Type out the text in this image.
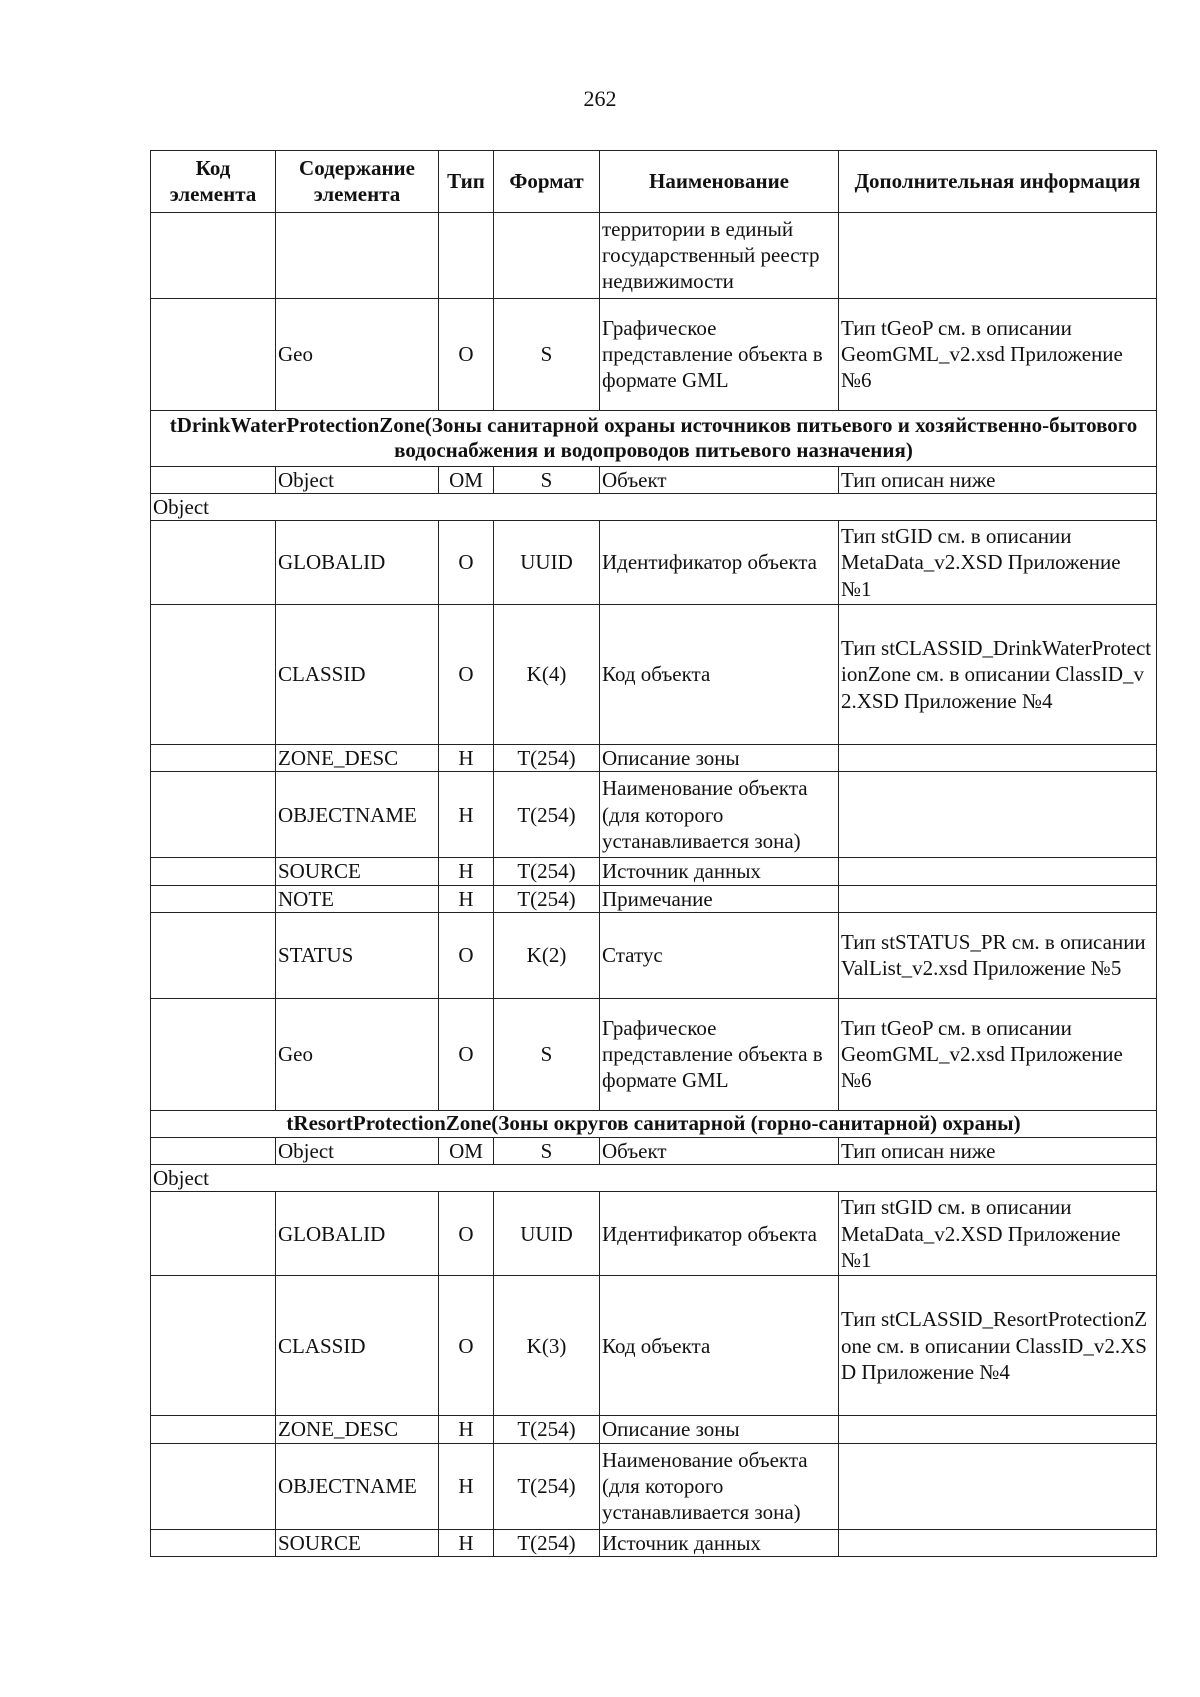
262
Код элемента	Содержание элемента	Тип	Формат	Наименование	Дополнительная информация
				территории в единый государственный реестр недвижимости	
	Geo	O	S	Графическое представление объекта в формате GML	Тип tGeoP см. в описании GeomGML_v2.xsd Приложение №6
tDrinkWaterProtectionZone(Зоны санитарной охраны источников питьевого и хозяйственно-бытового водоснабжения и водопроводов питьевого назначения)					
	Object	OM	S	Объект	Тип описан ниже
Object					
	GLOBALID	O	UUID	Идентификатор объекта	Тип stGID см. в описании MetaData_v2.XSD Приложение №1
	CLASSID	O	K(4)	Код объекта	Тип stCLASSID_DrinkWaterProtectionZone см. в описании ClassID_v2.XSD Приложение №4
	ZONE_DESC	H	T(254)	Описание зоны	
	OBJECTNAME	H	T(254)	Наименование объекта (для которого устанавливается зона)	
	SOURCE	H	T(254)	Источник данных	
	NOTE	H	T(254)	Примечание	
	STATUS	O	K(2)	Статус	Тип stSTATUS_PR см. в описании ValList_v2.xsd Приложение №5
	Geo	O	S	Графическое представление объекта в формате GML	Тип tGeoP см. в описании GeomGML_v2.xsd Приложение №6
tResortProtectionZone(Зоны округов санитарной (горно-санитарной) охраны)					
	Object	OM	S	Объект	Тип описан ниже
Object					
	GLOBALID	O	UUID	Идентификатор объекта	Тип stGID см. в описании MetaData_v2.XSD Приложение №1
	CLASSID	O	K(3)	Код объекта	Тип stCLASSID_ResortProtectionZone см. в описании ClassID_v2.XSD Приложение №4
	ZONE_DESC	H	T(254)	Описание зоны	
	OBJECTNAME	H	T(254)	Наименование объекта (для которого устанавливается зона)	
	SOURCE	H	T(254)	Источник данных	
